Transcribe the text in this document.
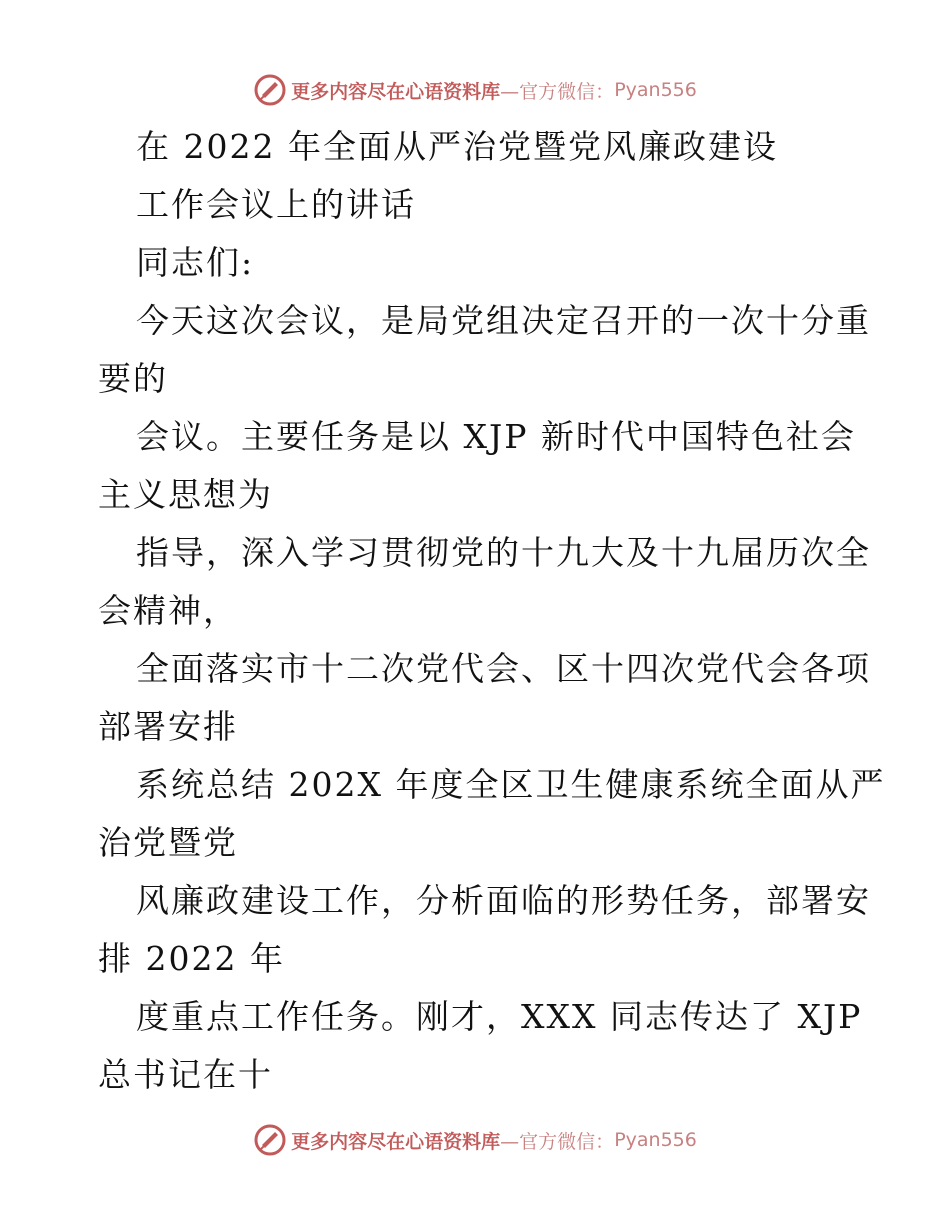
更多内容尽在心语资料库 —官方微信： Pyan556
在 2022 年全面从严治党暨党风廉政建设
工作会议上的讲话
同志们:
今天这次会议，是局党组决定召开的一次十分重
要的
会议。主要任务是以 XJP 新时代中国特色社会
主义思想为
指导，深入学习贯彻党的十九大及十九届历次全
会精神，
全面落实市十二次党代会、区十四次党代会各项
部署安排
系统总结 202X 年度全区卫生健康系统全面从严
治党暨党
风廉政建设工作，分析面临的形势任务，部署安
排 2022 年
度重点工作任务。刚才，XXX 同志传达了 XJP
总书记在十
更多内容尽在心语资料库 —官方微信： Pyan556
